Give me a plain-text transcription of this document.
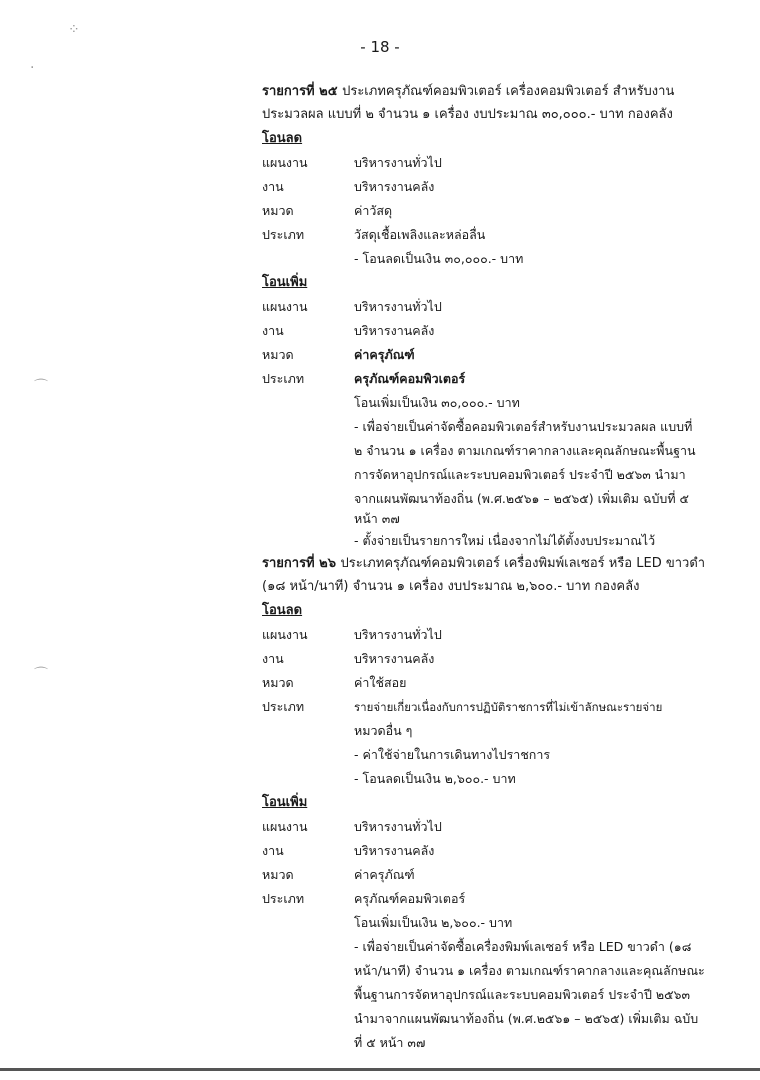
- 18 -
⁘
·
⌒
⌒
รายการที่ ๒๕ ประเภทครุภัณฑ์คอมพิวเตอร์ เครื่องคอมพิวเตอร์ สำหรับงาน
ประมวลผล แบบที่ ๒ จำนวน ๑ เครื่อง งบประมาณ ๓๐,๐๐๐.- บาท กองคลัง
โอนลด
แผนงาน	บริหารงานทั่วไป
งาน	บริหารงานคลัง
หมวด	ค่าวัสดุ
ประเภท	วัสดุเชื้อเพลิงและหล่อลื่น
- โอนลดเป็นเงิน ๓๐,๐๐๐.- บาท
โอนเพิ่ม
แผนงาน	บริหารงานทั่วไป
งาน	บริหารงานคลัง
หมวด	ค่าครุภัณฑ์
ประเภท	ครุภัณฑ์คอมพิวเตอร์
โอนเพิ่มเป็นเงิน ๓๐,๐๐๐.- บาท
- เพื่อจ่ายเป็นค่าจัดซื้อคอมพิวเตอร์สำหรับงานประมวลผล แบบที่
๒ จำนวน ๑ เครื่อง ตามเกณฑ์ราคากลางและคุณลักษณะพื้นฐาน
การจัดหาอุปกรณ์และระบบคอมพิวเตอร์ ประจำปี ๒๕๖๓ นำมา
จากแผนพัฒนาท้องถิ่น (พ.ศ.๒๕๖๑ – ๒๕๖๕) เพิ่มเติม ฉบับที่ ๕
หน้า ๓๗
- ตั้งจ่ายเป็นรายการใหม่ เนื่องจากไม่ได้ตั้งงบประมาณไว้
รายการที่ ๒๖ ประเภทครุภัณฑ์คอมพิวเตอร์ เครื่องพิมพ์เลเซอร์ หรือ LED ขาวดำ
(๑๘ หน้า/นาที) จำนวน ๑ เครื่อง งบประมาณ ๒,๖๐๐.- บาท กองคลัง
โอนลด
แผนงาน	บริหารงานทั่วไป
งาน	บริหารงานคลัง
หมวด	ค่าใช้สอย
ประเภท	รายจ่ายเกี่ยวเนื่องกับการปฏิบัติราชการที่ไม่เข้าลักษณะรายจ่าย
หมวดอื่น ๆ
- ค่าใช้จ่ายในการเดินทางไปราชการ
- โอนลดเป็นเงิน ๒,๖๐๐.- บาท
โอนเพิ่ม
แผนงาน	บริหารงานทั่วไป
งาน	บริหารงานคลัง
หมวด	ค่าครุภัณฑ์
ประเภท	ครุภัณฑ์คอมพิวเตอร์
โอนเพิ่มเป็นเงิน ๒,๖๐๐.- บาท
- เพื่อจ่ายเป็นค่าจัดซื้อเครื่องพิมพ์เลเซอร์ หรือ LED ขาวดำ (๑๘
หน้า/นาที) จำนวน ๑ เครื่อง ตามเกณฑ์ราคากลางและคุณลักษณะ
พื้นฐานการจัดหาอุปกรณ์และระบบคอมพิวเตอร์ ประจำปี ๒๕๖๓
นำมาจากแผนพัฒนาท้องถิ่น (พ.ศ.๒๕๖๑ – ๒๕๖๕) เพิ่มเติม ฉบับ
ที่ ๕ หน้า ๓๗
